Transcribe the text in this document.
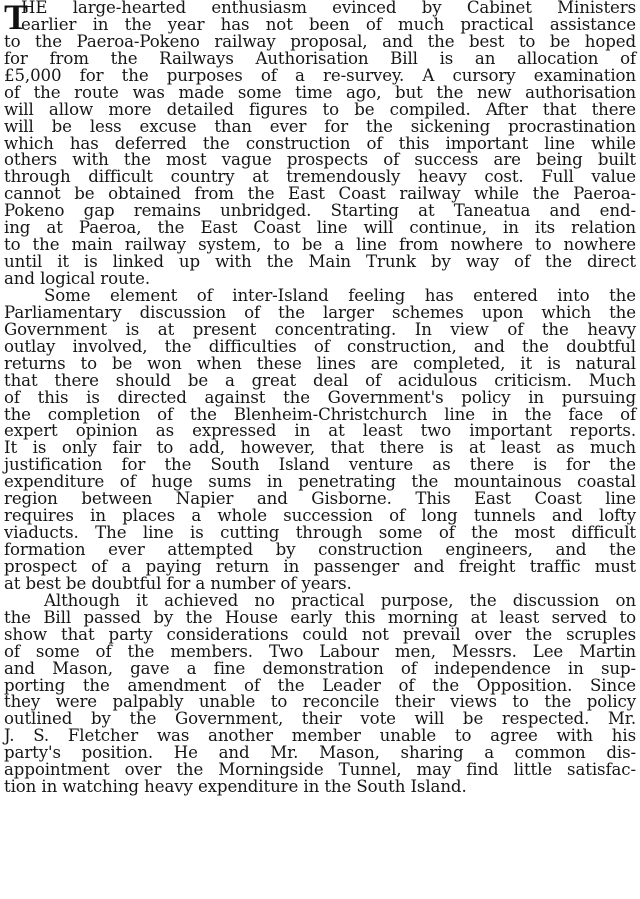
T
HE large-hearted enthusiasm evinced by Cabinet Ministers
earlier in the year has not been of much practical assistance
to the Paeroa-Pokeno railway proposal, and the best to be hoped
for from the Railways Authorisation Bill is an allocation of
£5,000 for the purposes of a re-survey. A cursory examination
of the route was made some time ago, but the new authorisation
will allow more detailed figures to be compiled. After that there
will be less excuse than ever for the sickening procrastination
which has deferred the construction of this important line while
others with the most vague prospects of success are being built
through difficult country at tremendously heavy cost. Full value
cannot be obtained from the East Coast railway while the Paeroa-
Pokeno gap remains unbridged. Starting at Taneatua and end-
ing at Paeroa, the East Coast line will continue, in its relation
to the main railway system, to be a line from nowhere to nowhere
until it is linked up with the Main Trunk by way of the direct
and logical route.
Some element of inter-Island feeling has entered into the
Parliamentary discussion of the larger schemes upon which the
Government is at present concentrating. In view of the heavy
outlay involved, the difficulties of construction, and the doubtful
returns to be won when these lines are completed, it is natural
that there should be a great deal of acidulous criticism. Much
of this is directed against the Government's policy in pursuing
the completion of the Blenheim-Christchurch line in the face of
expert opinion as expressed in at least two important reports.
It is only fair to add, however, that there is at least as much
justification for the South Island venture as there is for the
expenditure of huge sums in penetrating the mountainous coastal
region between Napier and Gisborne. This East Coast line
requires in places a whole succession of long tunnels and lofty
viaducts. The line is cutting through some of the most difficult
formation ever attempted by construction engineers, and the
prospect of a paying return in passenger and freight traffic must
at best be doubtful for a number of years.
Although it achieved no practical purpose, the discussion on
the Bill passed by the House early this morning at least served to
show that party considerations could not prevail over the scruples
of some of the members. Two Labour men, Messrs. Lee Martin
and Mason, gave a fine demonstration of independence in sup-
porting the amendment of the Leader of the Opposition. Since
they were palpably unable to reconcile their views to the policy
outlined by the Government, their vote will be respected. Mr.
J. S. Fletcher was another member unable to agree with his
party's position. He and Mr. Mason, sharing a common dis-
appointment over the Morningside Tunnel, may find little satisfac-
tion in watching heavy expenditure in the South Island.
